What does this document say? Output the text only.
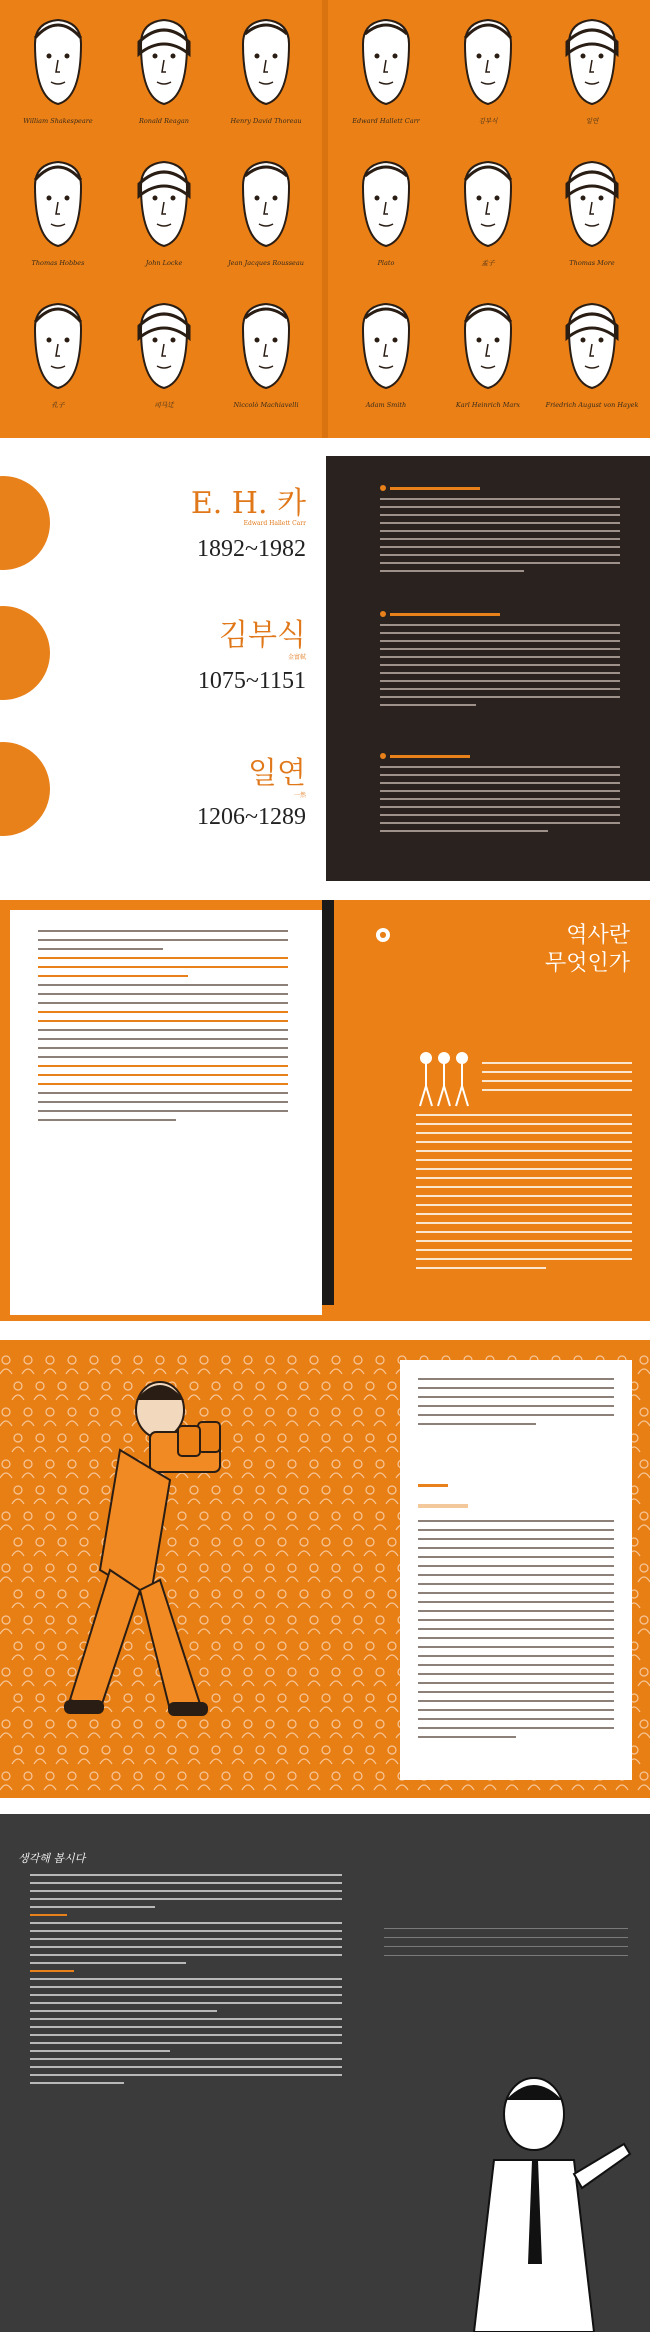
William Shakespeare	Ronald Reagan	Henry David Thoreau
Thomas Hobbes	John Locke	Jean Jacques Rousseau
孔子	司马迁	Niccolò Machiavelli
Edward Hallett Carr	김부식	일연
Plato	孟子	Thomas More
Adam Smith	Karl Heinrich Marx	Friedrich August von Hayek
E. H. 카
Edward Hallett Carr
1892~1982
김부식
金富軾
1075~1151
일연
一然
1206~1289
●	역사란
무엇인가
생각해 봅시다
